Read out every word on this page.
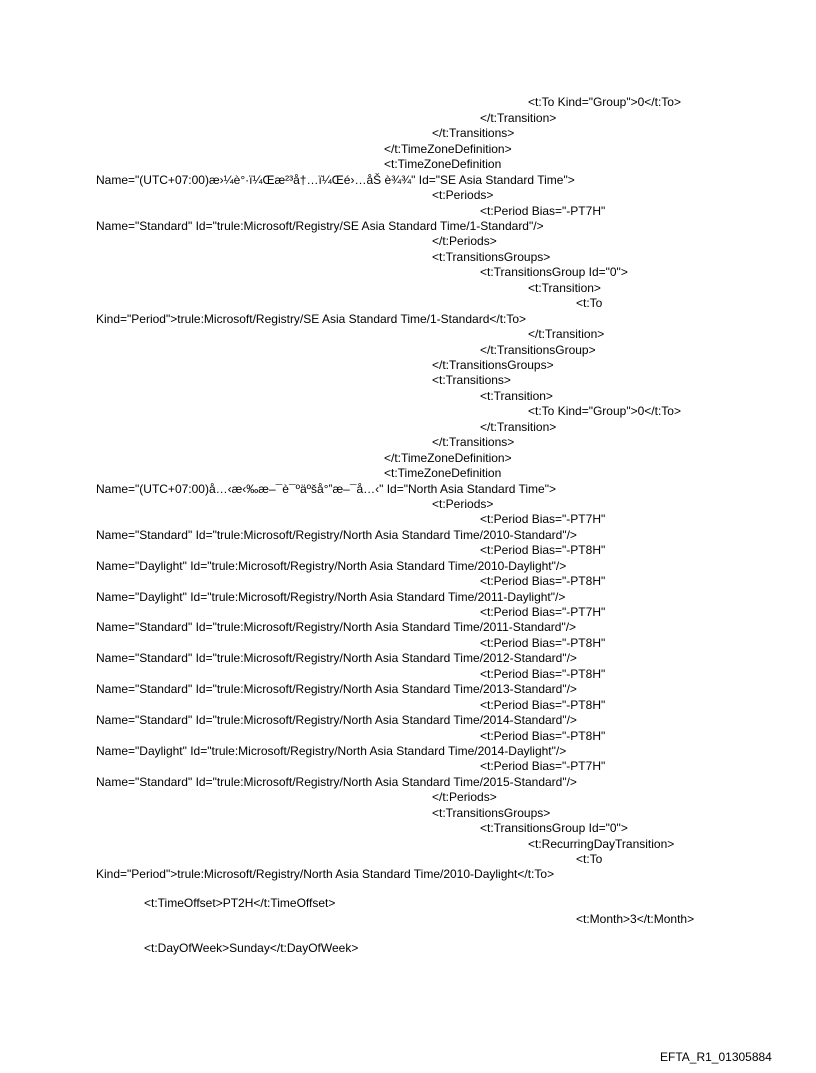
<t:To Kind="Group">0</t:To>
</t:Transition>
</t:Transitions>
</t:TimeZoneDefinition>
<t:TimeZoneDefinition
Name="(UTC+07:00)æ›¼è°·ï¼Œæ²³å†…ï¼Œé›…åŠ è¾¾" Id="SE Asia Standard Time">
<t:Periods>
<t:Period Bias="-PT7H"
Name="Standard" Id="trule:Microsoft/Registry/SE Asia Standard Time/1-Standard"/>
</t:Periods>
<t:TransitionsGroups>
<t:TransitionsGroup Id="0">
<t:Transition>
<t:To
Kind="Period">trule:Microsoft/Registry/SE Asia Standard Time/1-Standard</t:To>
</t:Transition>
</t:TransitionsGroup>
</t:TransitionsGroups>
<t:Transitions>
<t:Transition>
<t:To Kind="Group">0</t:To>
</t:Transition>
</t:Transitions>
</t:TimeZoneDefinition>
<t:TimeZoneDefinition
Name="(UTC+07:00)å…‹æ‹‰æ–¯è¯ºäºšå°”æ–¯å…‹" Id="North Asia Standard Time">
<t:Periods>
<t:Period Bias="-PT7H"
Name="Standard" Id="trule:Microsoft/Registry/North Asia Standard Time/2010-Standard"/>
<t:Period Bias="-PT8H"
Name="Daylight" Id="trule:Microsoft/Registry/North Asia Standard Time/2010-Daylight"/>
<t:Period Bias="-PT8H"
Name="Daylight" Id="trule:Microsoft/Registry/North Asia Standard Time/2011-Daylight"/>
<t:Period Bias="-PT7H"
Name="Standard" Id="trule:Microsoft/Registry/North Asia Standard Time/2011-Standard"/>
<t:Period Bias="-PT8H"
Name="Standard" Id="trule:Microsoft/Registry/North Asia Standard Time/2012-Standard"/>
<t:Period Bias="-PT8H"
Name="Standard" Id="trule:Microsoft/Registry/North Asia Standard Time/2013-Standard"/>
<t:Period Bias="-PT8H"
Name="Standard" Id="trule:Microsoft/Registry/North Asia Standard Time/2014-Standard"/>
<t:Period Bias="-PT8H"
Name="Daylight" Id="trule:Microsoft/Registry/North Asia Standard Time/2014-Daylight"/>
<t:Period Bias="-PT7H"
Name="Standard" Id="trule:Microsoft/Registry/North Asia Standard Time/2015-Standard"/>
</t:Periods>
<t:TransitionsGroups>
<t:TransitionsGroup Id="0">
<t:RecurringDayTransition>
<t:To
Kind="Period">trule:Microsoft/Registry/North Asia Standard Time/2010-Daylight</t:To>
<t:TimeOffset>PT2H</t:TimeOffset>
<t:Month>3</t:Month>
<t:DayOfWeek>Sunday</t:DayOfWeek>
EFTA_R1_01305884
